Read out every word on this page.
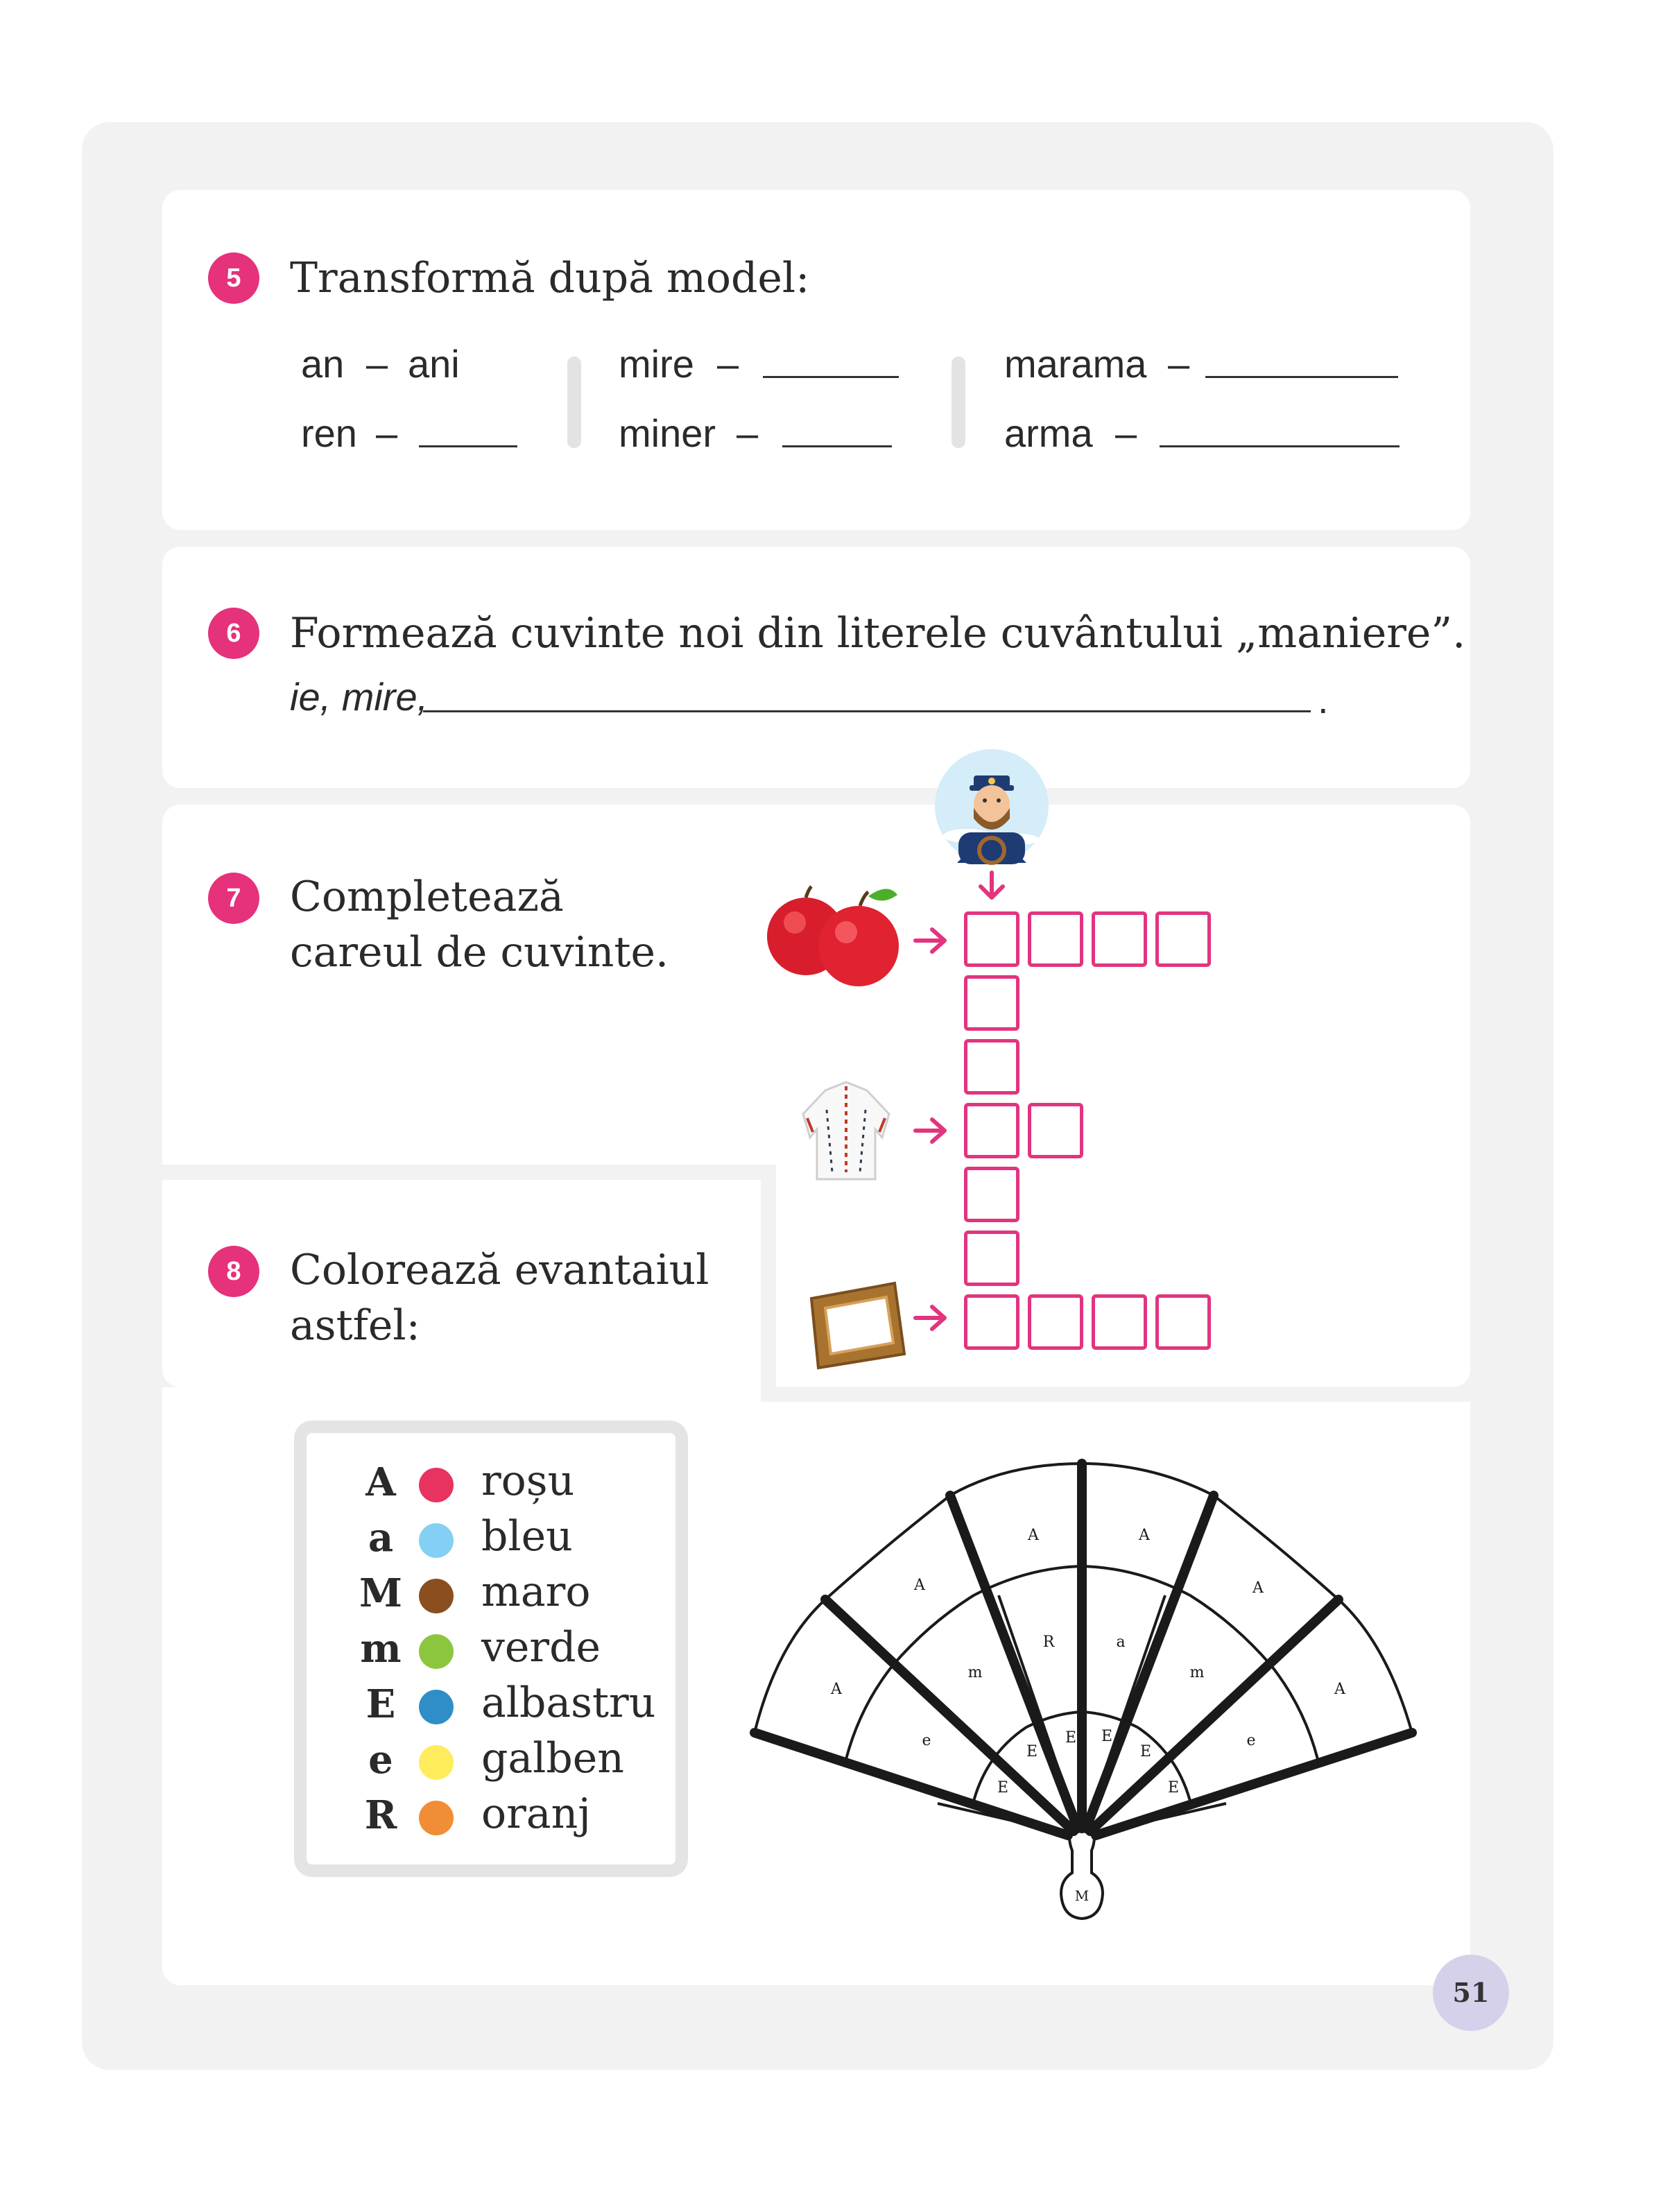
5	Transformă după model:
an – ani
ren –
mire –
miner –
marama –
arma –
6	Formează cuvinte noi din literele cuvântului „maniere”.
ie, mire,	.
7	Completează
careul de cuvinte.
8	Colorează evantaiul
astfel:
A roșu
a bleu
M maro
m verde
E albastru
e galben
R oranj
A
A
A	A
A
A
e
m
R	a
m
e
E
E
E E
E
E
M
51
